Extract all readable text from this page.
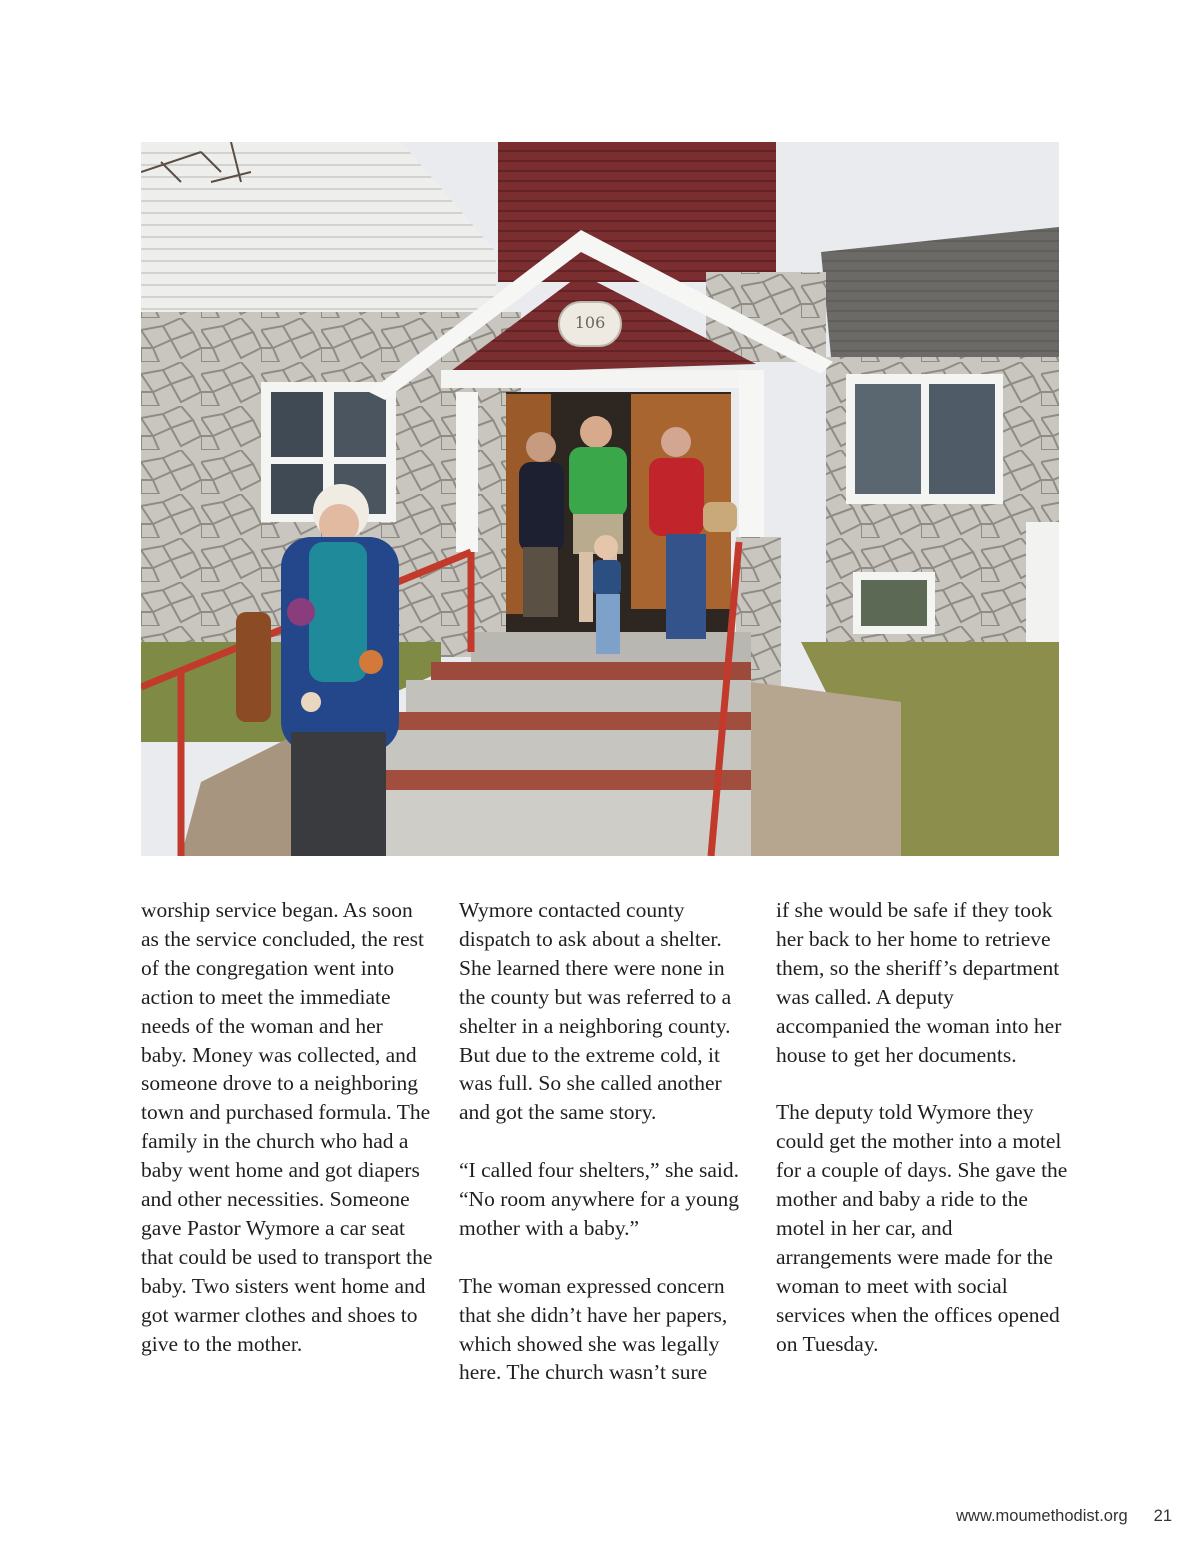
106

worship service began. As soon as the service concluded, the rest of the congregation went into action to meet the immediate needs of the woman and her baby. Money was collected, and someone drove to a neighboring town and purchased formula. The family in the church who had a baby went home and got diapers and other necessities. Someone gave Pastor Wymore a car seat that could be used to transport the baby. Two sisters went home and got warmer clothes and shoes to give to the mother.

Wymore contacted county dispatch to ask about a shelter. She learned there were none in the county but was referred to a shelter in a neighboring county. But due to the extreme cold, it was full. So she called another and got the same story.

“I called four shelters,” she said. “No room anywhere for a young mother with a baby.”

The woman expressed concern that she didn’t have her papers, which showed she was legally here. The church wasn’t sure

if she would be safe if they took her back to her home to retrieve them, so the sheriff’s department was called. A deputy accompanied the woman into her house to get her documents.

The deputy told Wymore they could get the mother into a motel for a couple of days. She gave the mother and baby a ride to the motel in her car, and arrangements were made for the woman to meet with social services when the offices opened on Tuesday.

www.moumethodist.org 21
